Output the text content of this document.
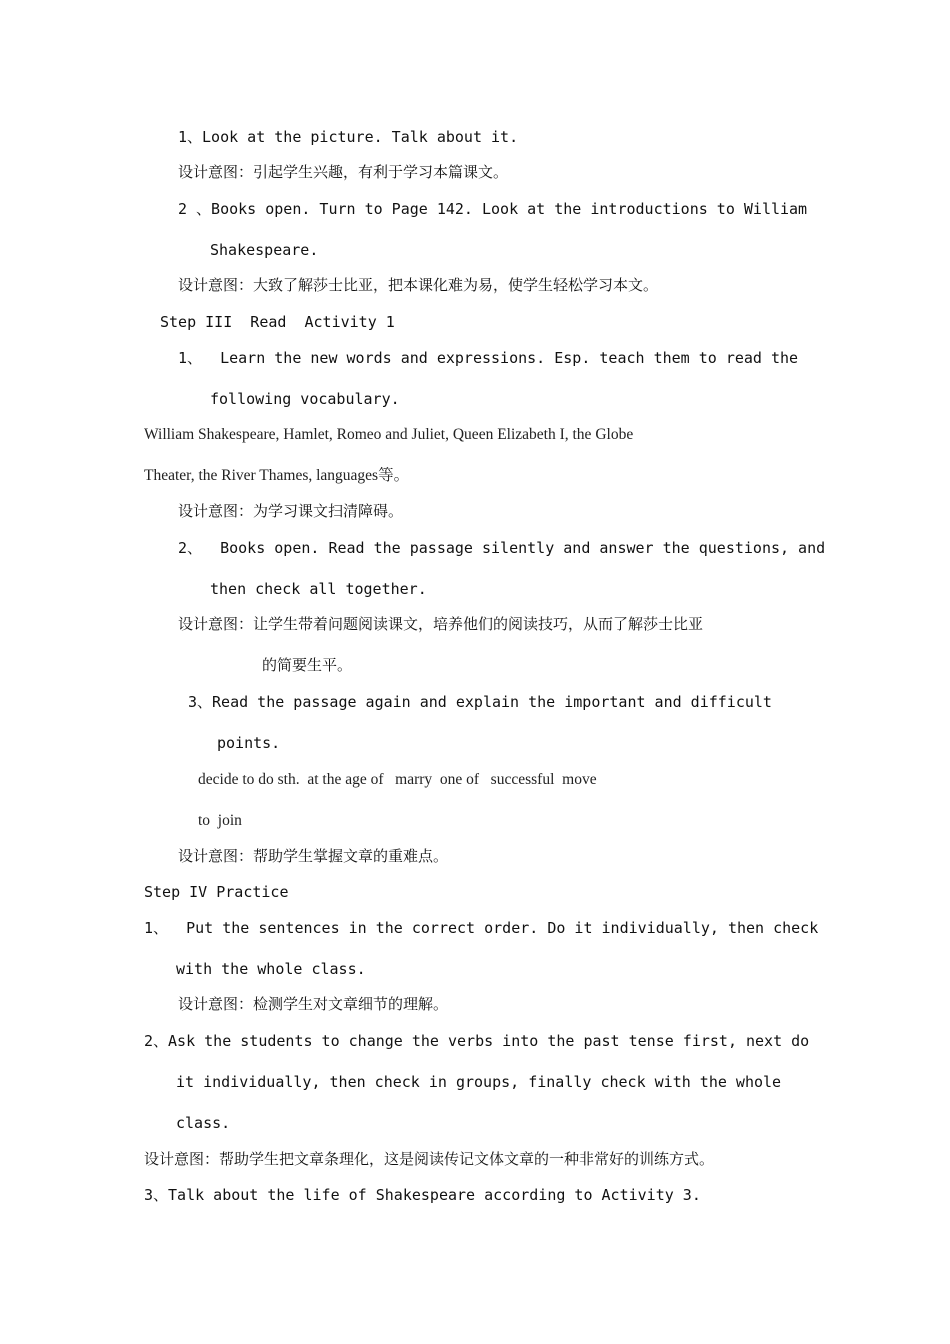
1、Look at the picture. Talk about it.
设计意图：引起学生兴趣，有利于学习本篇课文。
2 、Books open. Turn to Page 142. Look at the introductions to William
Shakespeare.
设计意图：大致了解莎士比亚，把本课化难为易，使学生轻松学习本文。
Step III  Read  Activity 1
1、  Learn the new words and expressions. Esp. teach them to read the
following vocabulary.
William Shakespeare, Hamlet, Romeo and Juliet, Queen Elizabeth I, the Globe
Theater, the River Thames, languages等。
设计意图：为学习课文扫清障碍。
2、  Books open. Read the passage silently and answer the questions, and
then check all together.
设计意图：让学生带着问题阅读课文，培养他们的阅读技巧，从而了解莎士比亚
的简要生平。
3、Read the passage again and explain the important and difficult
points.
decide to do sth.  at the age of   marry  one of   successful  move
to  join
设计意图：帮助学生掌握文章的重难点。
Step IV Practice
1、  Put the sentences in the correct order. Do it individually, then check
with the whole class.
设计意图：检测学生对文章细节的理解。
2、Ask the students to change the verbs into the past tense first, next do
it individually, then check in groups, finally check with the whole
class.
设计意图：帮助学生把文章条理化，这是阅读传记文体文章的一种非常好的训练方式。
3、Talk about the life of Shakespeare according to Activity 3.
